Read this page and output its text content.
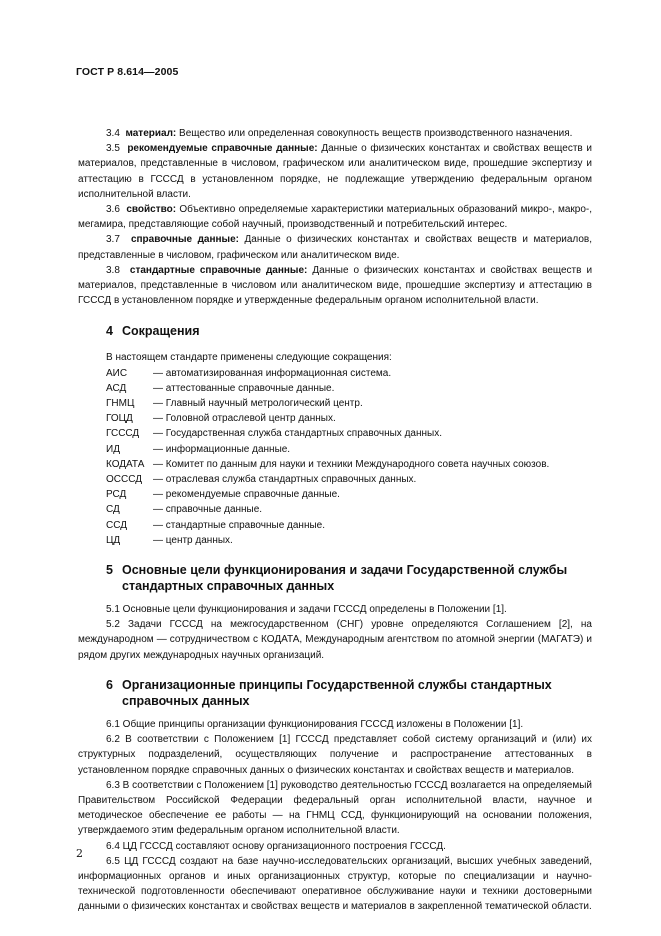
ГОСТ Р 8.614—2005

3.4 материал: Вещество или определенная совокупность веществ производственного назначения.

3.5 рекомендуемые справочные данные: Данные о физических константах и свойствах веществ и материалов, представленные в числовом, графическом или аналитическом виде, прошедшие экспертизу и аттестацию в ГСССД в установленном порядке, не подлежащие утверждению федеральным органом исполнительной власти.

3.6 свойство: Объективно определяемые характеристики материальных образований микро-, макро-, мегамира, представляющие собой научный, производственный и потребительский интерес.

3.7 справочные данные: Данные о физических константах и свойствах веществ и материалов, представленные в числовом, графическом или аналитическом виде.

3.8 стандартные справочные данные: Данные о физических константах и свойствах веществ и материалов, представленные в числовом или аналитическом виде, прошедшие экспертизу и аттестацию в ГСССД в установленном порядке и утвержденные федеральным органом исполнительной власти.

4 Сокращения

В настоящем стандарте применены следующие сокращения:

АИС	— автоматизированная информационная система.
АСД	— аттестованные справочные данные.
ГНМЦ	— Главный научный метрологический центр.
ГОЦД	— Головной отраслевой центр данных.
ГСССД	— Государственная служба стандартных справочных данных.
ИД	— информационные данные.
КОДАТА — Комитет по данным для науки и техники Международного совета научных союзов.
ОСССД	— отраслевая служба стандартных справочных данных.
РСД	— рекомендуемые справочные данные.
СД	— справочные данные.
ССД	— стандартные справочные данные.
ЦД	— центр данных.
5 Основные цели функционирования и задачи Государственной службы
стандартных справочных данных

5.1 Основные цели функционирования и задачи ГСССД определены в Положении [1].

5.2 Задачи ГСССД на межгосударственном (СНГ) уровне определяются Соглашением [2], на международном — сотрудничеством с КОДАТА, Международным агентством по атомной энергии (МАГАТЭ) и рядом других международных научных организаций.

6 Организационные принципы Государственной службы стандартных
справочных данных

6.1 Общие принципы организации функционирования ГСССД изложены в Положении [1].

6.2 В соответствии с Положением [1] ГСССД представляет собой систему организаций и (или) их структурных подразделений, осуществляющих получение и распространение аттестованных в установленном порядке справочных данных о физических константах и свойствах веществ и материалов.

6.3 В соответствии с Положением [1] руководство деятельностью ГСССД возлагается на определяемый Правительством Российской Федерации федеральный орган исполнительной власти, научное и методическое обеспечение ее работы — на ГНМЦ ССД, функционирующий на основании положения, утверждаемого этим федеральным органом исполнительной власти.

6.4 ЦД ГСССД составляют основу организационного построения ГСССД.

6.5 ЦД ГСССД создают на базе научно-исследовательских организаций, высших учебных заведений, информационных органов и иных организационных структур, которые по специализации и научно-технической подготовленности обеспечивают оперативное обслуживание науки и техники достоверными данными о физических константах и свойствах веществ и материалов в закрепленной тематической области.

2
